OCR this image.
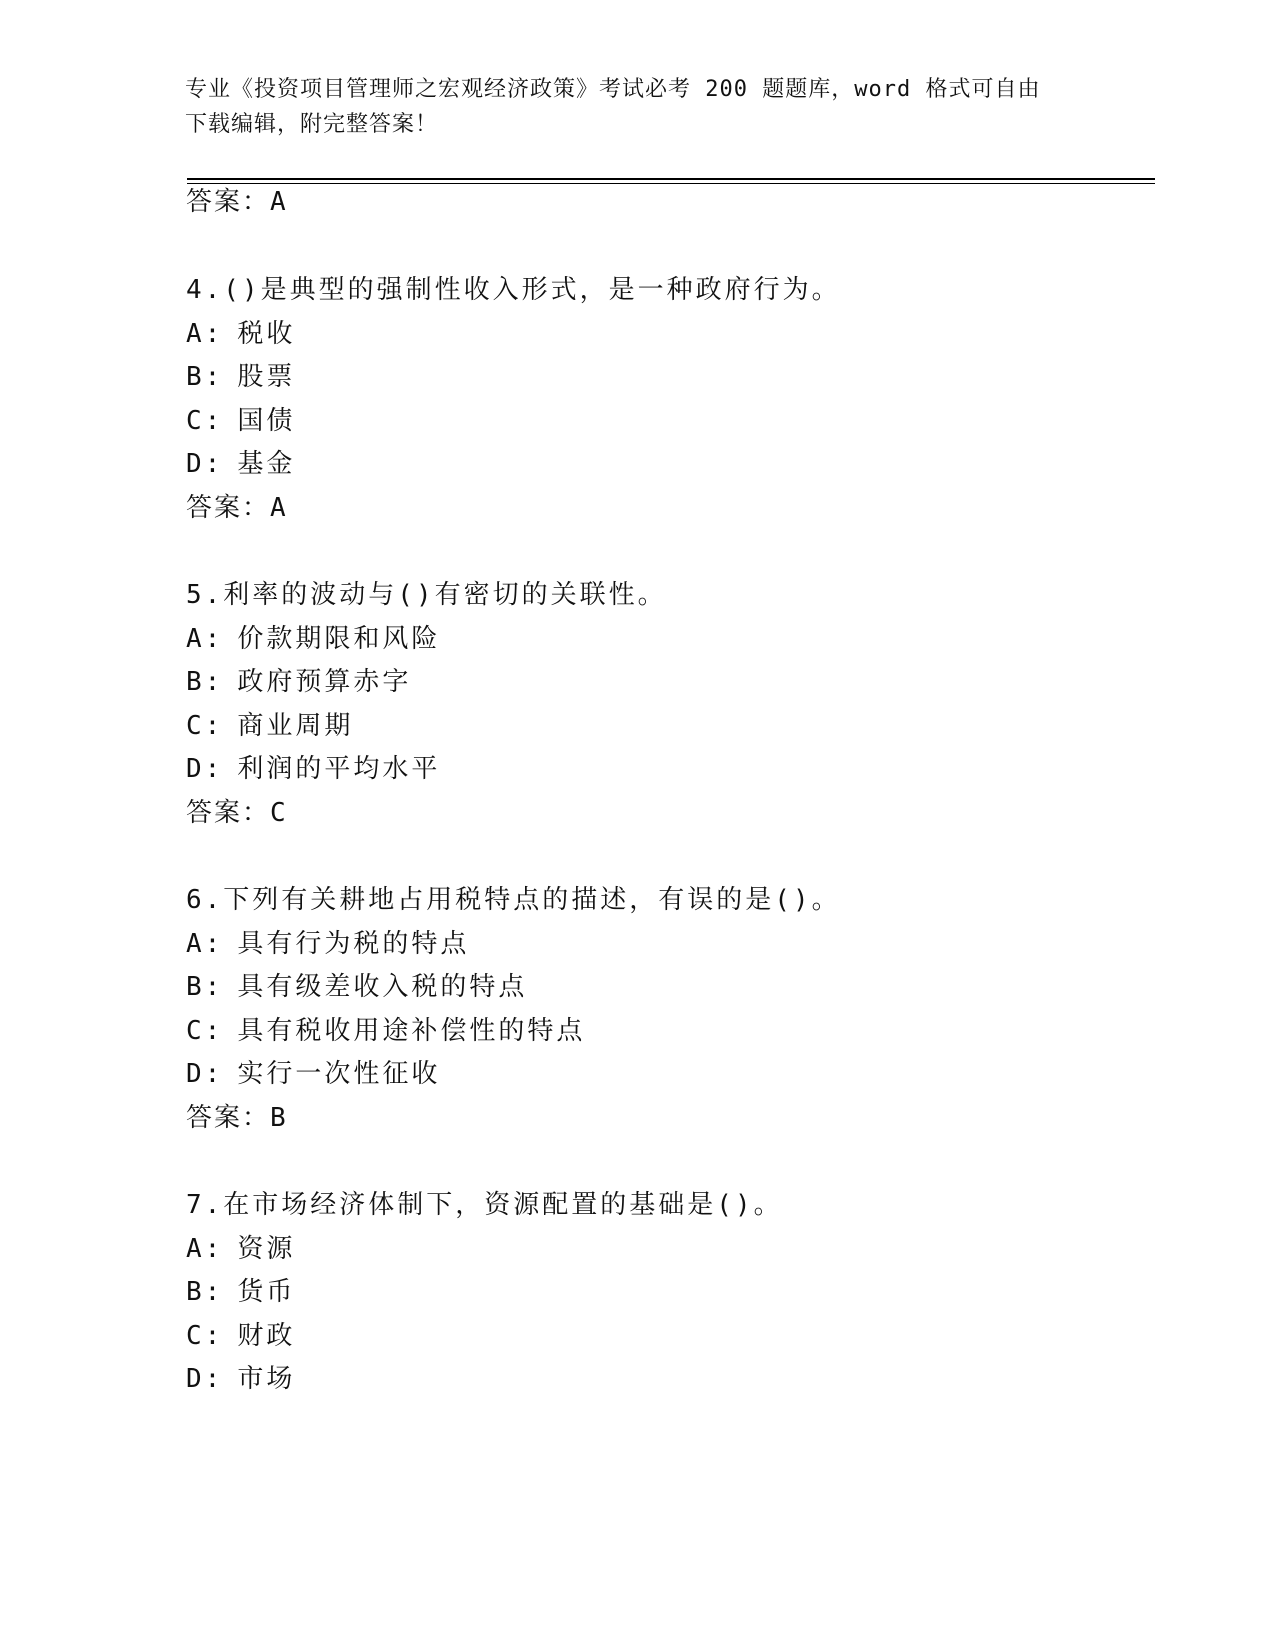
专业《投资项目管理师之宏观经济政策》考试必考 200 题题库，word 格式可自由
下载编辑，附完整答案！
答案：A
4.()是典型的强制性收入形式，是一种政府行为。
A: 税收
B: 股票
C: 国债
D: 基金
答案：A
5.利率的波动与()有密切的关联性。
A: 价款期限和风险
B: 政府预算赤字
C: 商业周期
D: 利润的平均水平
答案：C
6.下列有关耕地占用税特点的描述，有误的是()。
A: 具有行为税的特点
B: 具有级差收入税的特点
C: 具有税收用途补偿性的特点
D: 实行一次性征收
答案：B
7.在市场经济体制下，资源配置的基础是()。
A: 资源
B: 货币
C: 财政
D: 市场
